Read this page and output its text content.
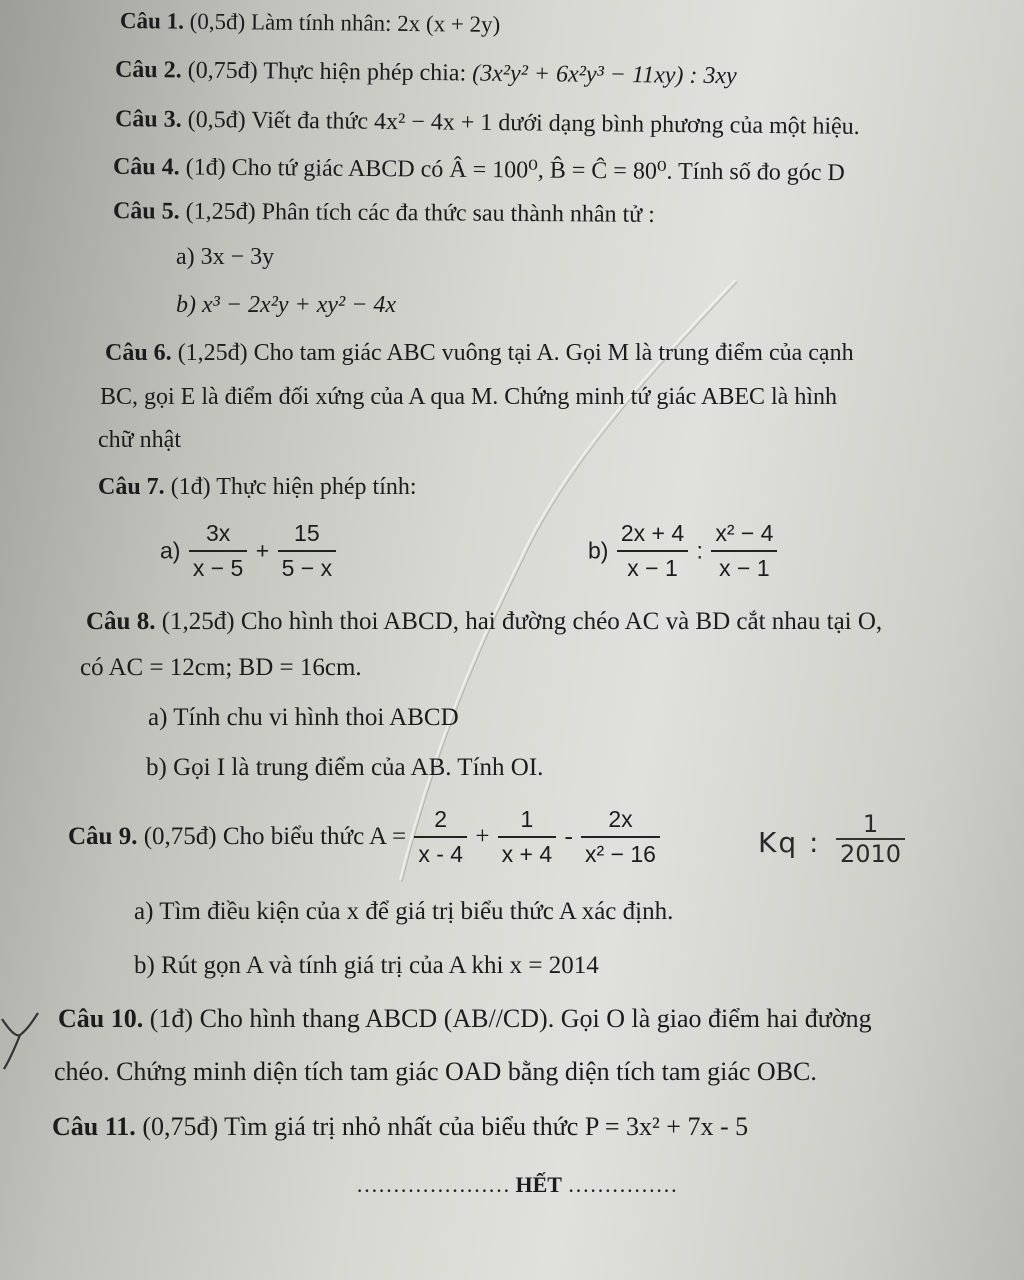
Câu 1. (0,5đ) Làm tính nhân: 2x (x + 2y)
Câu 2. (0,75đ) Thực hiện phép chia: (3x²y² + 6x²y³ − 11xy) : 3xy
Câu 3. (0,5đ) Viết đa thức 4x² − 4x + 1 dưới dạng bình phương của một hiệu.
Câu 4. (1đ) Cho tứ giác ABCD có Â = 100⁰, B̂ = Ĉ = 80⁰. Tính số đo góc D
Câu 5. (1,25đ) Phân tích các đa thức sau thành nhân tử :
a) 3x − 3y
b) x³ − 2x²y + xy² − 4x
Câu 6. (1,25đ) Cho tam giác ABC vuông tại A. Gọi M là trung điểm của cạnh
BC, gọi E là điểm đối xứng của A qua M. Chứng minh tứ giác ABEC là hình
chữ nhật
Câu 7. (1đ) Thực hiện phép tính:
$a) \frac{3x}{x - 5} + \frac{15}{5 - x}$	$b) \frac{2x + 4}{x - 1}$ : $\frac{\text{x² − 4}}{x - 1}$
Câu 8. (1,25đ) Cho hình thoi ABCD, hai đường chéo AC và BD cắt nhau tại O,
có AC = 12cm; BD = 16cm.
a) Tính chu vi hình thoi ABCD
b) Gọi I là trung điểm của AB. Tính OI.
Câu 9. (0,75đ) Cho biểu thức $A = \frac{2}{x - 4} + \frac{1}{x + 4} - \frac{2x}{\text{x² − 16}}$	Kq : $\frac{1}{2010}$
a) Tìm điều kiện của x để giá trị biểu thức A xác định.
b) Rút gọn A và tính giá trị của A khi x = 2014
Câu 10. (1đ) Cho hình thang ABCD (AB//CD). Gọi O là giao điểm hai đường
chéo. Chứng minh diện tích tam giác OAD bằng diện tích tam giác OBC.
Câu 11. (0,75đ) Tìm giá trị nhỏ nhất của biểu thức P = 3x² + 7x - 5
………………… HẾT ……………
